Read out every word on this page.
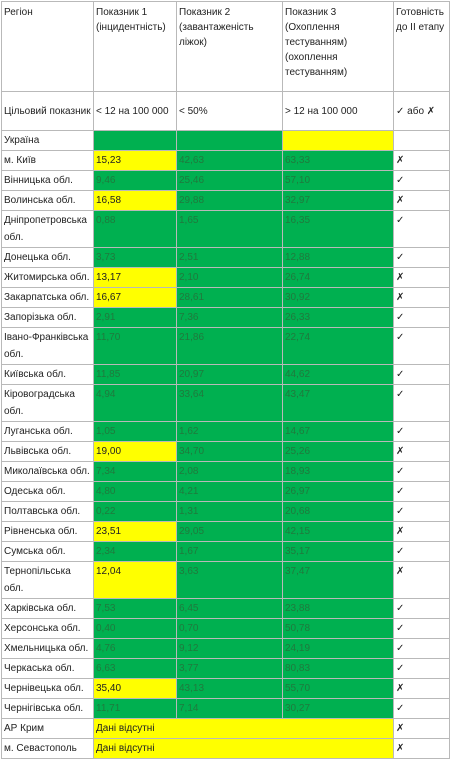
Регіон	Показник 1 (інцидентність)	Показник 2 (завантаженість ліжок)	Показник 3 (Охоплення тестуванням) (охоплення тестуванням)	Готовність до ІІ етапу
Цільовий показник	< 12 на 100 000	< 50%	> 12 на 100 000	✓ або ✗
Україна				
м. Київ	15,23	42,63	63,33	✗
Вінницька обл.	9,46	25,46	57,10	✓
Волинська обл.	16,58	29,88	32,97	✗
Дніпропетровська обл.	0,88	1,65	16,35	✓
Донецька обл.	3,73	2,51	12,88	✓
Житомирська обл.	13,17	2,10	26,74	✗
Закарпатська обл.	16,67	28,61	30,92	✗
Запорізька обл.	2,91	7,36	26,33	✓
Івано-Франківська обл.	11,70	21,86	22,74	✓
Київська обл.	11,85	20,97	44,62	✓
Кіровоградська обл.	4,94	33,64	43,47	✓
Луганська обл.	1,05	1,62	14,67	✓
Львівська обл.	19,00	34,70	25,26	✗
Миколаївська обл.	7,34	2,08	18,93	✓
Одеська обл.	4,80	4,21	26,97	✓
Полтавська обл.	0,22	1,31	20,68	✓
Рівненська обл.	23,51	29,05	42,15	✗
Сумська обл.	2,34	1,67	35,17	✓
Тернопільська обл.	12,04	3,63	37,47	✗
Харківська обл.	7,53	6,45	23,88	✓
Херсонська обл.	0,40	0,70	50,78	✓
Хмельницька обл.	4,76	9,12	24,19	✓
Черкаська обл.	6,63	3,77	80,83	✓
Чернівецька обл.	35,40	43,13	55,70	✗
Чернігівська обл.	11,71	7,14	30,27	✓
АР Крим	Дані відсутні			✗
м. Севастополь	Дані відсутні			✗
